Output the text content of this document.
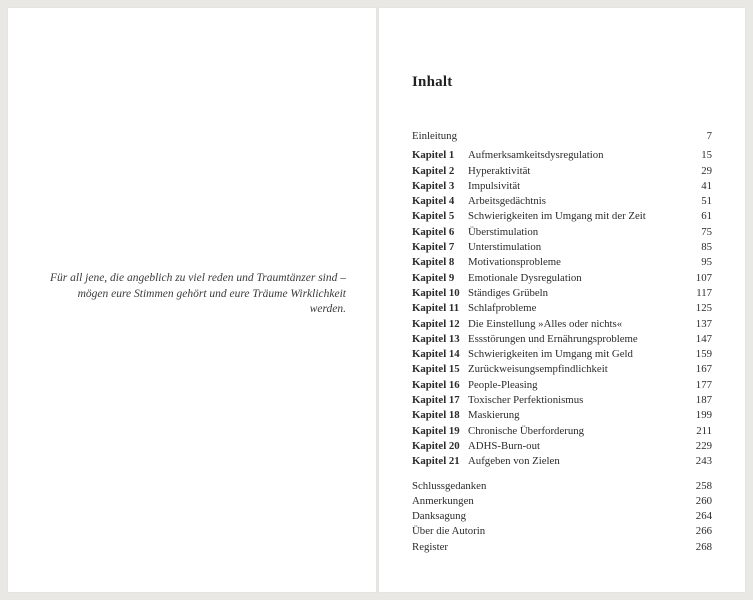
Für all jene, die angeblich zu viel reden und Traumtänzer sind – mögen eure Stimmen gehört und eure Träume Wirklichkeit werden.
Inhalt
Einleitung	7
Kapitel 1	Aufmerksamkeitsdysregulation	15
Kapitel 2	Hyperaktivität	29
Kapitel 3	Impulsivität	41
Kapitel 4	Arbeitsgedächtnis	51
Kapitel 5	Schwierigkeiten im Umgang mit der Zeit	61
Kapitel 6	Überstimulation	75
Kapitel 7	Unterstimulation	85
Kapitel 8	Motivationsprobleme	95
Kapitel 9	Emotionale Dysregulation	107
Kapitel 10 Ständiges Grübeln	117
Kapitel 11 Schlafprobleme	125
Kapitel 12 Die Einstellung »Alles oder nichts«	137
Kapitel 13 Essstörungen und Ernährungsprobleme	147
Kapitel 14 Schwierigkeiten im Umgang mit Geld	159
Kapitel 15 Zurückweisungsempfindlichkeit	167
Kapitel 16 People-Pleasing	177
Kapitel 17 Toxischer Perfektionismus	187
Kapitel 18 Maskierung	199
Kapitel 19 Chronische Überforderung	211
Kapitel 20 ADHS-Burn-out	229
Kapitel 21 Aufgeben von Zielen	243
Schlussgedanken	258
Anmerkungen	260
Danksagung	264
Über die Autorin	266
Register	268
